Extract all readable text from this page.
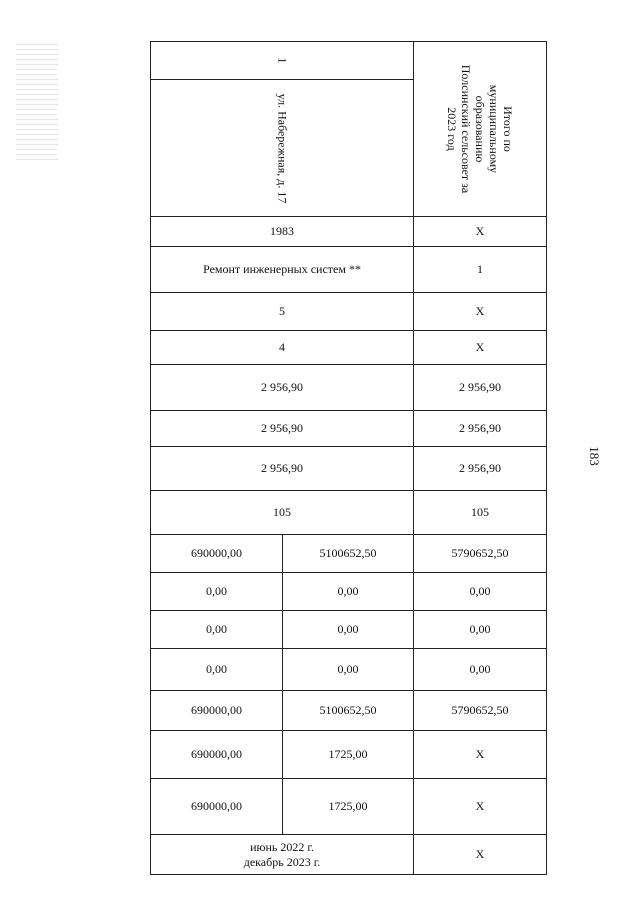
183
1		Итого по муниципальному образованию Полсинский сельсовет за 2023 год

ул. Набережная, д. 17		
1983		Х
Ремонт инженерных систем **		1
5		Х
4		Х
2 956,90		2 956,90
2 956,90		2 956,90
2 956,90		2 956,90
105		105
690000,00	5100652,50	5790652,50
0,00	0,00	0,00
0,00	0,00	0,00
0,00	0,00	0,00
690000,00	5100652,50	5790652,50
690000,00	1725,00	Х
690000,00	1725,00	Х

июнь 2022 г.
декабрь 2023 г.		Х
